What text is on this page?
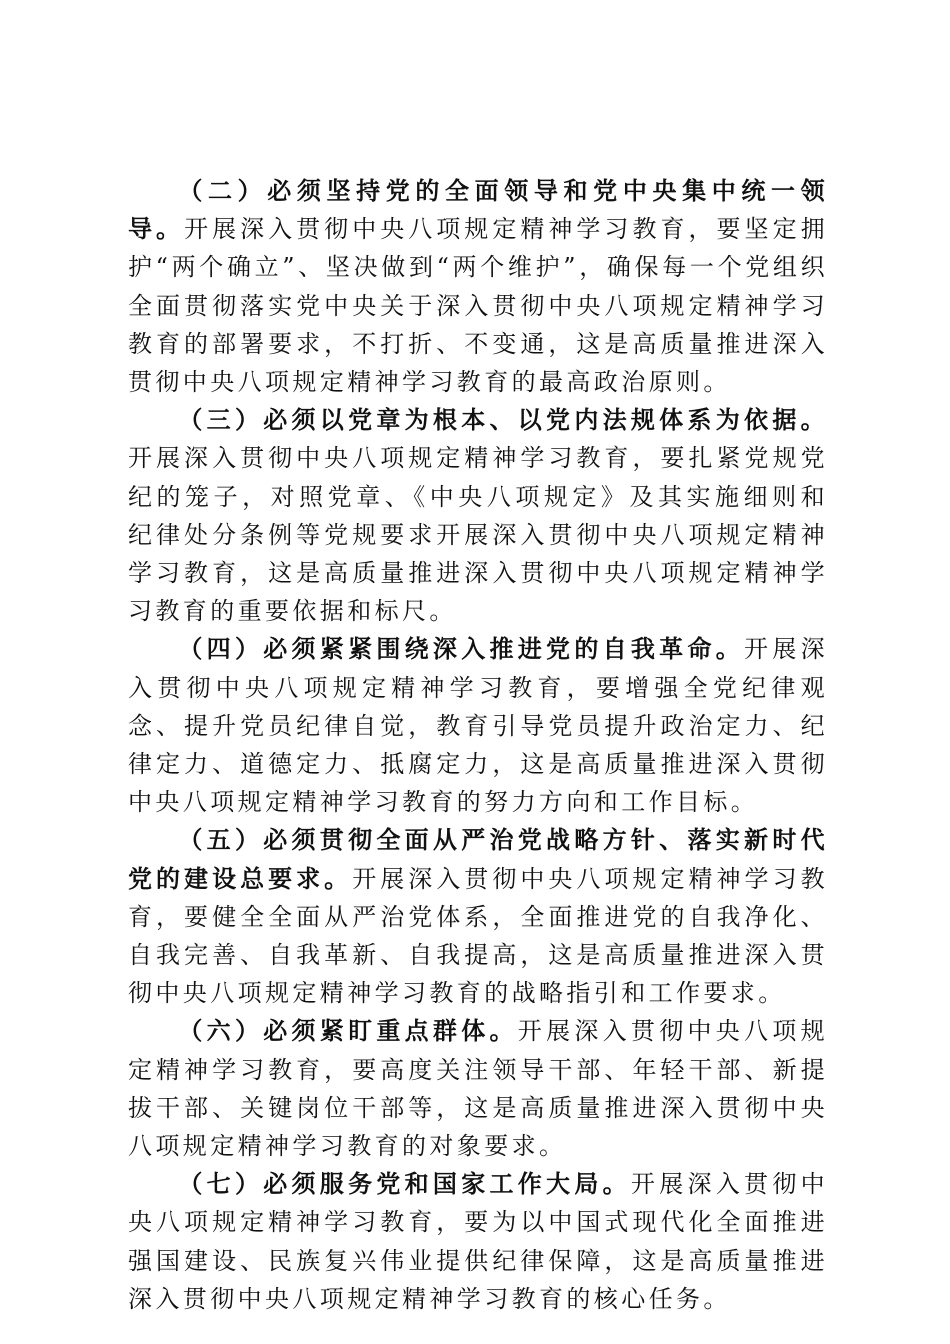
（二）必须坚持党的全面领导和党中央集中统一领导。开展深入贯彻中央八项规定精神学习教育，要坚定拥护“两个确立”、坚决做到“两个维护”，确保每一个党组织全面贯彻落实党中央关于深入贯彻中央八项规定精神学习教育的部署要求，不打折、不变通，这是高质量推进深入贯彻中央八项规定精神学习教育的最高政治原则。

（三）必须以党章为根本、以党内法规体系为依据。开展深入贯彻中央八项规定精神学习教育，要扎紧党规党纪的笼子，对照党章、《中央八项规定》及其实施细则和纪律处分条例等党规要求开展深入贯彻中央八项规定精神学习教育，这是高质量推进深入贯彻中央八项规定精神学习教育的重要依据和标尺。

（四）必须紧紧围绕深入推进党的自我革命。开展深入贯彻中央八项规定精神学习教育，要增强全党纪律观念、提升党员纪律自觉，教育引导党员提升政治定力、纪律定力、道德定力、抵腐定力，这是高质量推进深入贯彻中央八项规定精神学习教育的努力方向和工作目标。

（五）必须贯彻全面从严治党战略方针、落实新时代党的建设总要求。开展深入贯彻中央八项规定精神学习教育，要健全全面从严治党体系，全面推进党的自我净化、自我完善、自我革新、自我提高，这是高质量推进深入贯彻中央八项规定精神学习教育的战略指引和工作要求。

（六）必须紧盯重点群体。开展深入贯彻中央八项规定精神学习教育，要高度关注领导干部、年轻干部、新提拔干部、关键岗位干部等，这是高质量推进深入贯彻中央八项规定精神学习教育的对象要求。

（七）必须服务党和国家工作大局。开展深入贯彻中央八项规定精神学习教育，要为以中国式现代化全面推进强国建设、民族复兴伟业提供纪律保障，这是高质量推进深入贯彻中央八项规定精神学习教育的核心任务。
